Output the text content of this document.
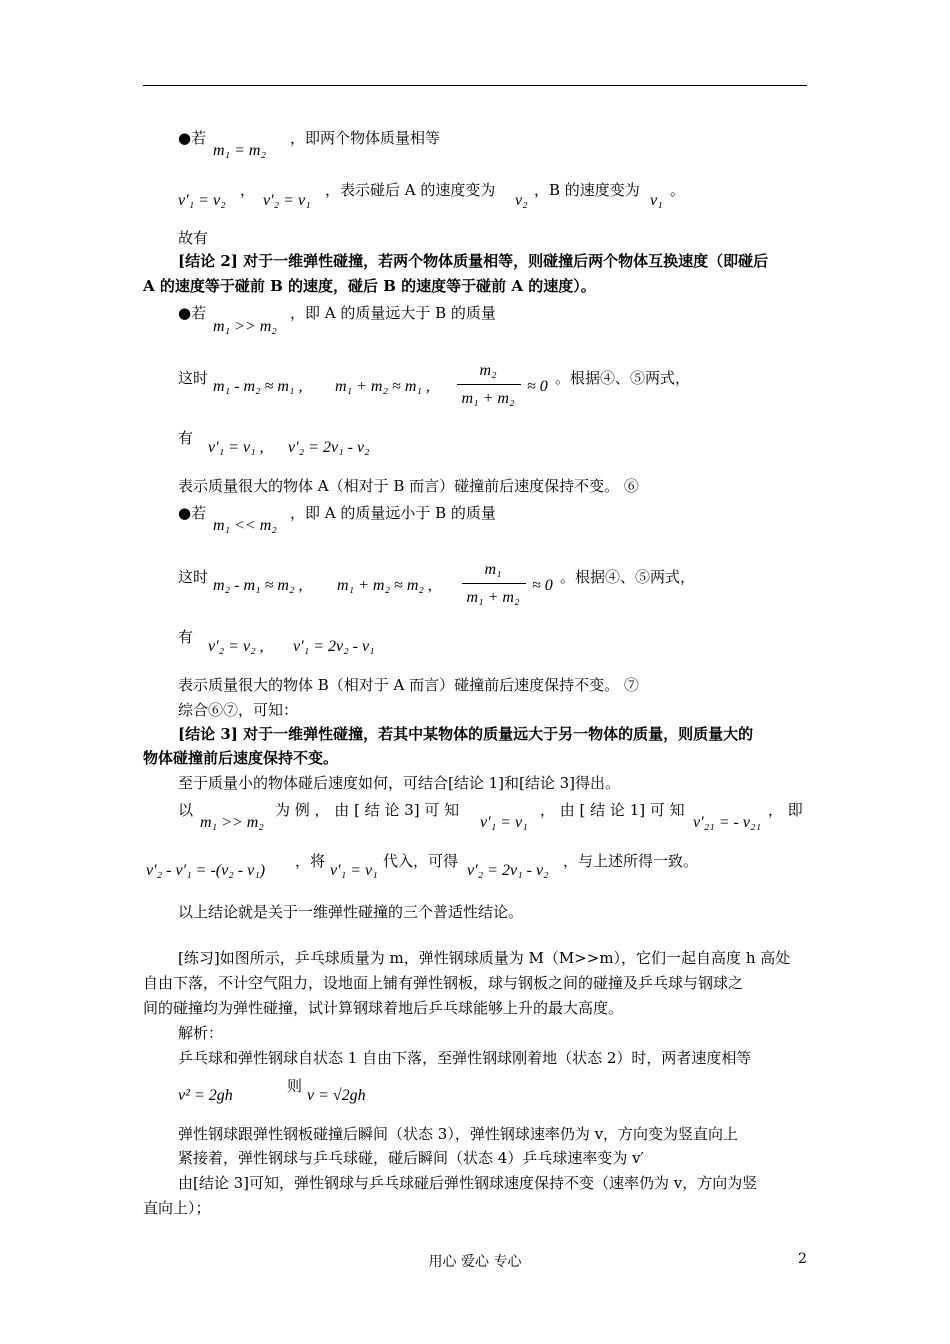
●若
m₁ = m₂
，即两个物体质量相等
v′₁ = v₂
，
v′₂ = v₁
，表示碰后 A 的速度变为
v₂
，B 的速度变为
v₁
。
故有
[结论 2] 对于一维弹性碰撞，若两个物体质量相等，则碰撞后两个物体互换速度（即碰后
A 的速度等于碰前 B 的速度，碰后 B 的速度等于碰前 A 的速度）。
●若
m₁ >> m₂
，即 A 的质量远大于 B 的质量
这时 m₁ - m₂ ≈ m₁ , m₁ + m₂ ≈ m₁ ,
m₂
m₁ + m₂
≈ 0 。根据④、⑤两式，
有
v′₁ = v₁ , v′₂ = 2v₁ - v₂
表示质量很大的物体 A（相对于 B 而言）碰撞前后速度保持不变。 ⑥
●若
m₁ << m₂
，即 A 的质量远小于 B 的质量
这时 m₂ - m₁ ≈ m₂ , m₁ + m₂ ≈ m₂ ,
m₁
m₁ + m₂
≈ 0 。根据④、⑤两式，
有
v′₂ = v₂ , v′₁ = 2v₂ - v₁
表示质量很大的物体 B（相对于 A 而言）碰撞前后速度保持不变。 ⑦
综合⑥⑦，可知：
[结论 3] 对于一维弹性碰撞，若其中某物体的质量远大于另一物体的质量，则质量大的
物体碰撞前后速度保持不变。
至于质量小的物体碰后速度如何，可结合[结论 1]和[结论 3]得出。
以
m₁ >> m₂
为 例 ， 由 [ 结 论 3] 可 知
v′₁ = v₁
， 由 [ 结 论 1] 可 知
v′₂₁ = - v₂₁
， 即
v′₂ - v′₁ = -(v₂ - v₁)
，将
v′₁ = v₁
代入，可得
v′₂ = 2v₁ - v₂
，与上述所得一致。
以上结论就是关于一维弹性碰撞的三个普适性结论。
[练习]如图所示，乒乓球质量为 m，弹性钢球质量为 M（M>>m），它们一起自高度 h 高处
自由下落，不计空气阻力，设地面上铺有弹性钢板，球与钢板之间的碰撞及乒乓球与钢球之
间的碰撞均为弹性碰撞，试计算钢球着地后乒乓球能够上升的最大高度。
解析：
乒乓球和弹性钢球自状态 1 自由下落，至弹性钢球刚着地（状态 2）时，两者速度相等
v² = 2gh
则
v = √2gh
弹性钢球跟弹性钢板碰撞后瞬间（状态 3），弹性钢球速率仍为 v，方向变为竖直向上
紧接着，弹性钢球与乒乓球碰，碰后瞬间（状态 4）乒乓球速率变为 v′
由[结论 3]可知，弹性钢球与乒乓球碰后弹性钢球速度保持不变（速率仍为 v，方向为竖
直向上）；
用心 爱心 专心	2
